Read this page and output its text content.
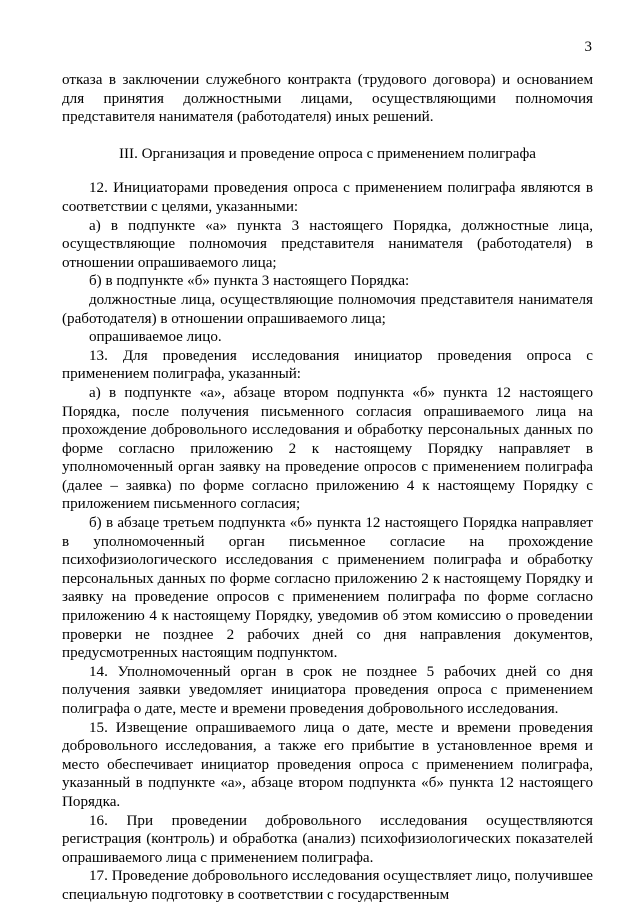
3

отказа в заключении служебного контракта (трудового договора) и основанием для принятия должностными лицами, осуществляющими полномочия представителя нанимателя (работодателя) иных решений.

III. Организация и проведение опроса с применением полиграфа

12. Инициаторами проведения опроса с применением полиграфа являются в соответствии с целями, указанными:

а) в подпункте «а» пункта 3 настоящего Порядка, должностные лица, осуществляющие полномочия представителя нанимателя (работодателя) в отношении опрашиваемого лица;

б) в подпункте «б» пункта 3 настоящего Порядка:

должностные лица, осуществляющие полномочия представителя нанимателя (работодателя) в отношении опрашиваемого лица;

опрашиваемое лицо.

13. Для проведения исследования инициатор проведения опроса с применением полиграфа, указанный:

а) в подпункте «а», абзаце втором подпункта «б» пункта 12 настоящего Порядка, после получения письменного согласия опрашиваемого лица на прохождение добровольного исследования и обработку персональных данных по форме согласно приложению 2 к настоящему Порядку направляет в уполномоченный орган заявку на проведение опросов с применением полиграфа (далее – заявка) по форме согласно приложению 4 к настоящему Порядку с приложением письменного согласия;

б) в абзаце третьем подпункта «б» пункта 12 настоящего Порядка направляет в уполномоченный орган письменное согласие на прохождение психофизиологического исследования с применением полиграфа и обработку персональных данных по форме согласно приложению 2 к настоящему Порядку и заявку на проведение опросов с применением полиграфа по форме согласно приложению 4 к настоящему Порядку, уведомив об этом комиссию о проведении проверки не позднее 2 рабочих дней со дня направления документов, предусмотренных настоящим подпунктом.

14. Уполномоченный орган в срок не позднее 5 рабочих дней со дня получения заявки уведомляет инициатора проведения опроса с применением полиграфа о дате, месте и времени проведения добровольного исследования.

15. Извещение опрашиваемого лица о дате, месте и времени проведения добровольного исследования, а также его прибытие в установленное время и место обеспечивает инициатор проведения опроса с применением полиграфа, указанный в подпункте «а», абзаце втором подпункта «б» пункта 12 настоящего Порядка.

16. При проведении добровольного исследования осуществляются регистрация (контроль) и обработка (анализ) психофизиологических показателей опрашиваемого лица с применением полиграфа.

17. Проведение добровольного исследования осуществляет лицо, получившее специальную подготовку в соответствии с государственным
